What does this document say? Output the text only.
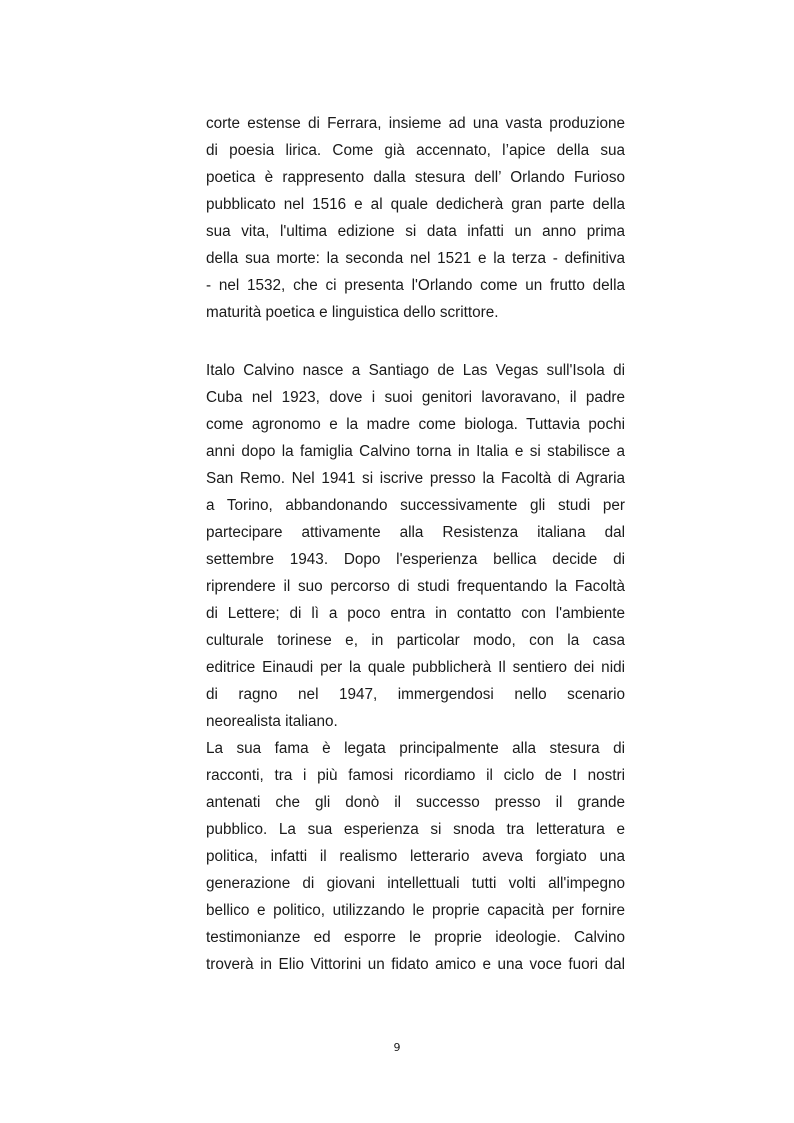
corte estense di Ferrara, insieme ad una vasta produzione
di poesia lirica. Come già accennato, l’apice della sua
poetica è rappresento dalla stesura dell’ Orlando Furioso
pubblicato nel 1516 e al quale dedicherà gran parte della
sua vita, l'ultima edizione si data infatti un anno prima
della sua morte: la seconda nel 1521 e la terza - definitiva
- nel 1532, che ci presenta l'Orlando come un frutto della
maturità poetica e linguistica dello scrittore.
Italo Calvino nasce a Santiago de Las Vegas sull'Isola di
Cuba nel 1923, dove i suoi genitori lavoravano, il padre
come agronomo e la madre come biologa. Tuttavia pochi
anni dopo la famiglia Calvino torna in Italia e si stabilisce a
San Remo. Nel 1941 si iscrive presso la Facoltà di Agraria
a Torino, abbandonando successivamente gli studi per
partecipare attivamente alla Resistenza italiana dal
settembre 1943. Dopo l'esperienza bellica decide di
riprendere il suo percorso di studi frequentando la Facoltà
di Lettere; di lì a poco entra in contatto con l'ambiente
culturale torinese e, in particolar modo, con la casa
editrice Einaudi per la quale pubblicherà Il sentiero dei nidi
di ragno nel 1947, immergendosi nello scenario
neorealista italiano.
La sua fama è legata principalmente alla stesura di
racconti, tra i più famosi ricordiamo il ciclo de I nostri
antenati che gli donò il successo presso il grande
pubblico. La sua esperienza si snoda tra letteratura e
politica, infatti il realismo letterario aveva forgiato una
generazione di giovani intellettuali tutti volti all'impegno
bellico e politico, utilizzando le proprie capacità per fornire
testimonianze ed esporre le proprie ideologie. Calvino
troverà in Elio Vittorini un fidato amico e una voce fuori dal
9
